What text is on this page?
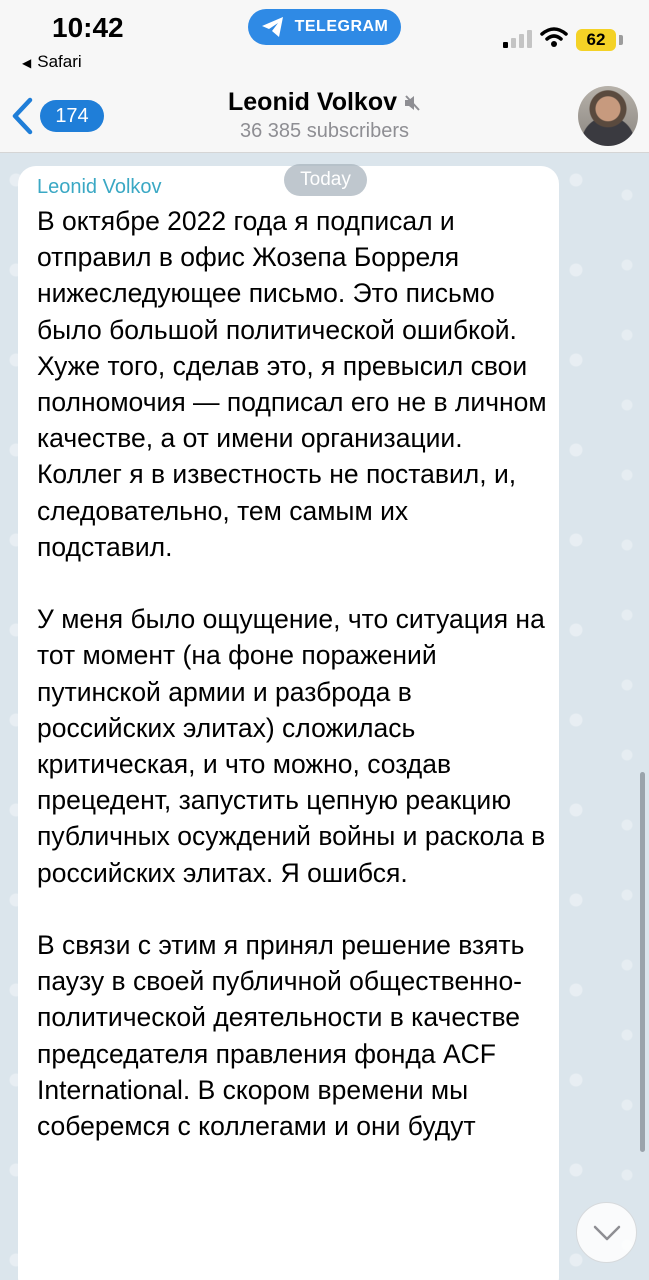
10:42
◀ Safari
TELEGRAM
62
174	Leonid Volkov
36 385 subscribers
Leonid Volkov	Today

В октябре 2022 года я подписал и отправил в офис Жозепа Борреля нижеследующее письмо. Это письмо было большой политической ошибкой. Хуже того, сделав это, я превысил свои полномочия — подписал его не в личном качестве, а от имени организации. Коллег я в известность не поставил, и, следовательно, тем самым их подставил.

У меня было ощущение, что ситуация на тот момент (на фоне поражений путинской армии и разброда в российских элитах) сложилась критическая, и что можно, создав прецедент, запустить цепную реакцию публичных осуждений войны и раскола в российских элитах. Я ошибся.

В связи с этим я принял решение взять паузу в своей публичной общественно-политической деятельности в качестве председателя правления фонда ACF International. В скором времени мы соберемся с коллегами и они будут
